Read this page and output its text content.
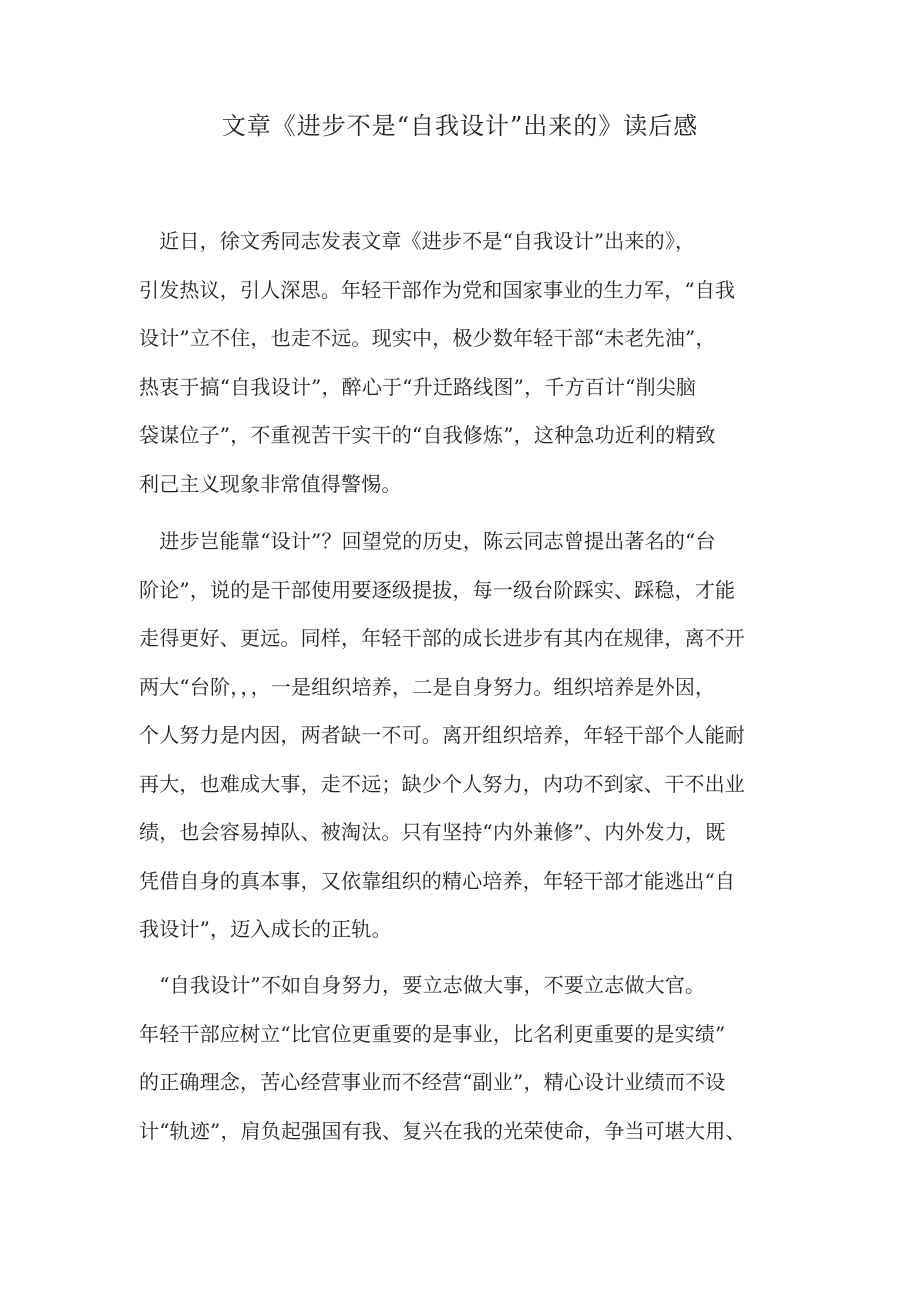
文章《进步不是“自我设计”出来的》读后感
　近日，徐文秀同志发表文章《进步不是“自我设计”出来的》，
引发热议，引人深思。年轻干部作为党和国家事业的生力军，“自我
设计”立不住，也走不远。现实中，极少数年轻干部“未老先油”，
热衷于搞“自我设计”，醉心于“升迁路线图”，千方百计“削尖脑
袋谋位子”，不重视苦干实干的“自我修炼”，这种急功近利的精致
利己主义现象非常值得警惕。
　进步岂能靠“设计”？回望党的历史，陈云同志曾提出著名的“台
阶论”，说的是干部使用要逐级提拔，每一级台阶踩实、踩稳，才能
走得更好、更远。同样，年轻干部的成长进步有其内在规律，离不开
两大“台阶，，，一是组织培养，二是自身努力。组织培养是外因，
个人努力是内因，两者缺一不可。离开组织培养，年轻干部个人能耐
再大，也难成大事，走不远；缺少个人努力，内功不到家、干不出业
绩，也会容易掉队、被淘汰。只有坚持“内外兼修”、内外发力，既
凭借自身的真本事，又依靠组织的精心培养，年轻干部才能逃出“自
我设计”，迈入成长的正轨。
　“自我设计”不如自身努力，要立志做大事，不要立志做大官。
年轻干部应树立“比官位更重要的是事业，比名利更重要的是实绩”
的正确理念，苦心经营事业而不经营“副业”，精心设计业绩而不设
计“轨迹”，肩负起强国有我、复兴在我的光荣使命，争当可堪大用、
